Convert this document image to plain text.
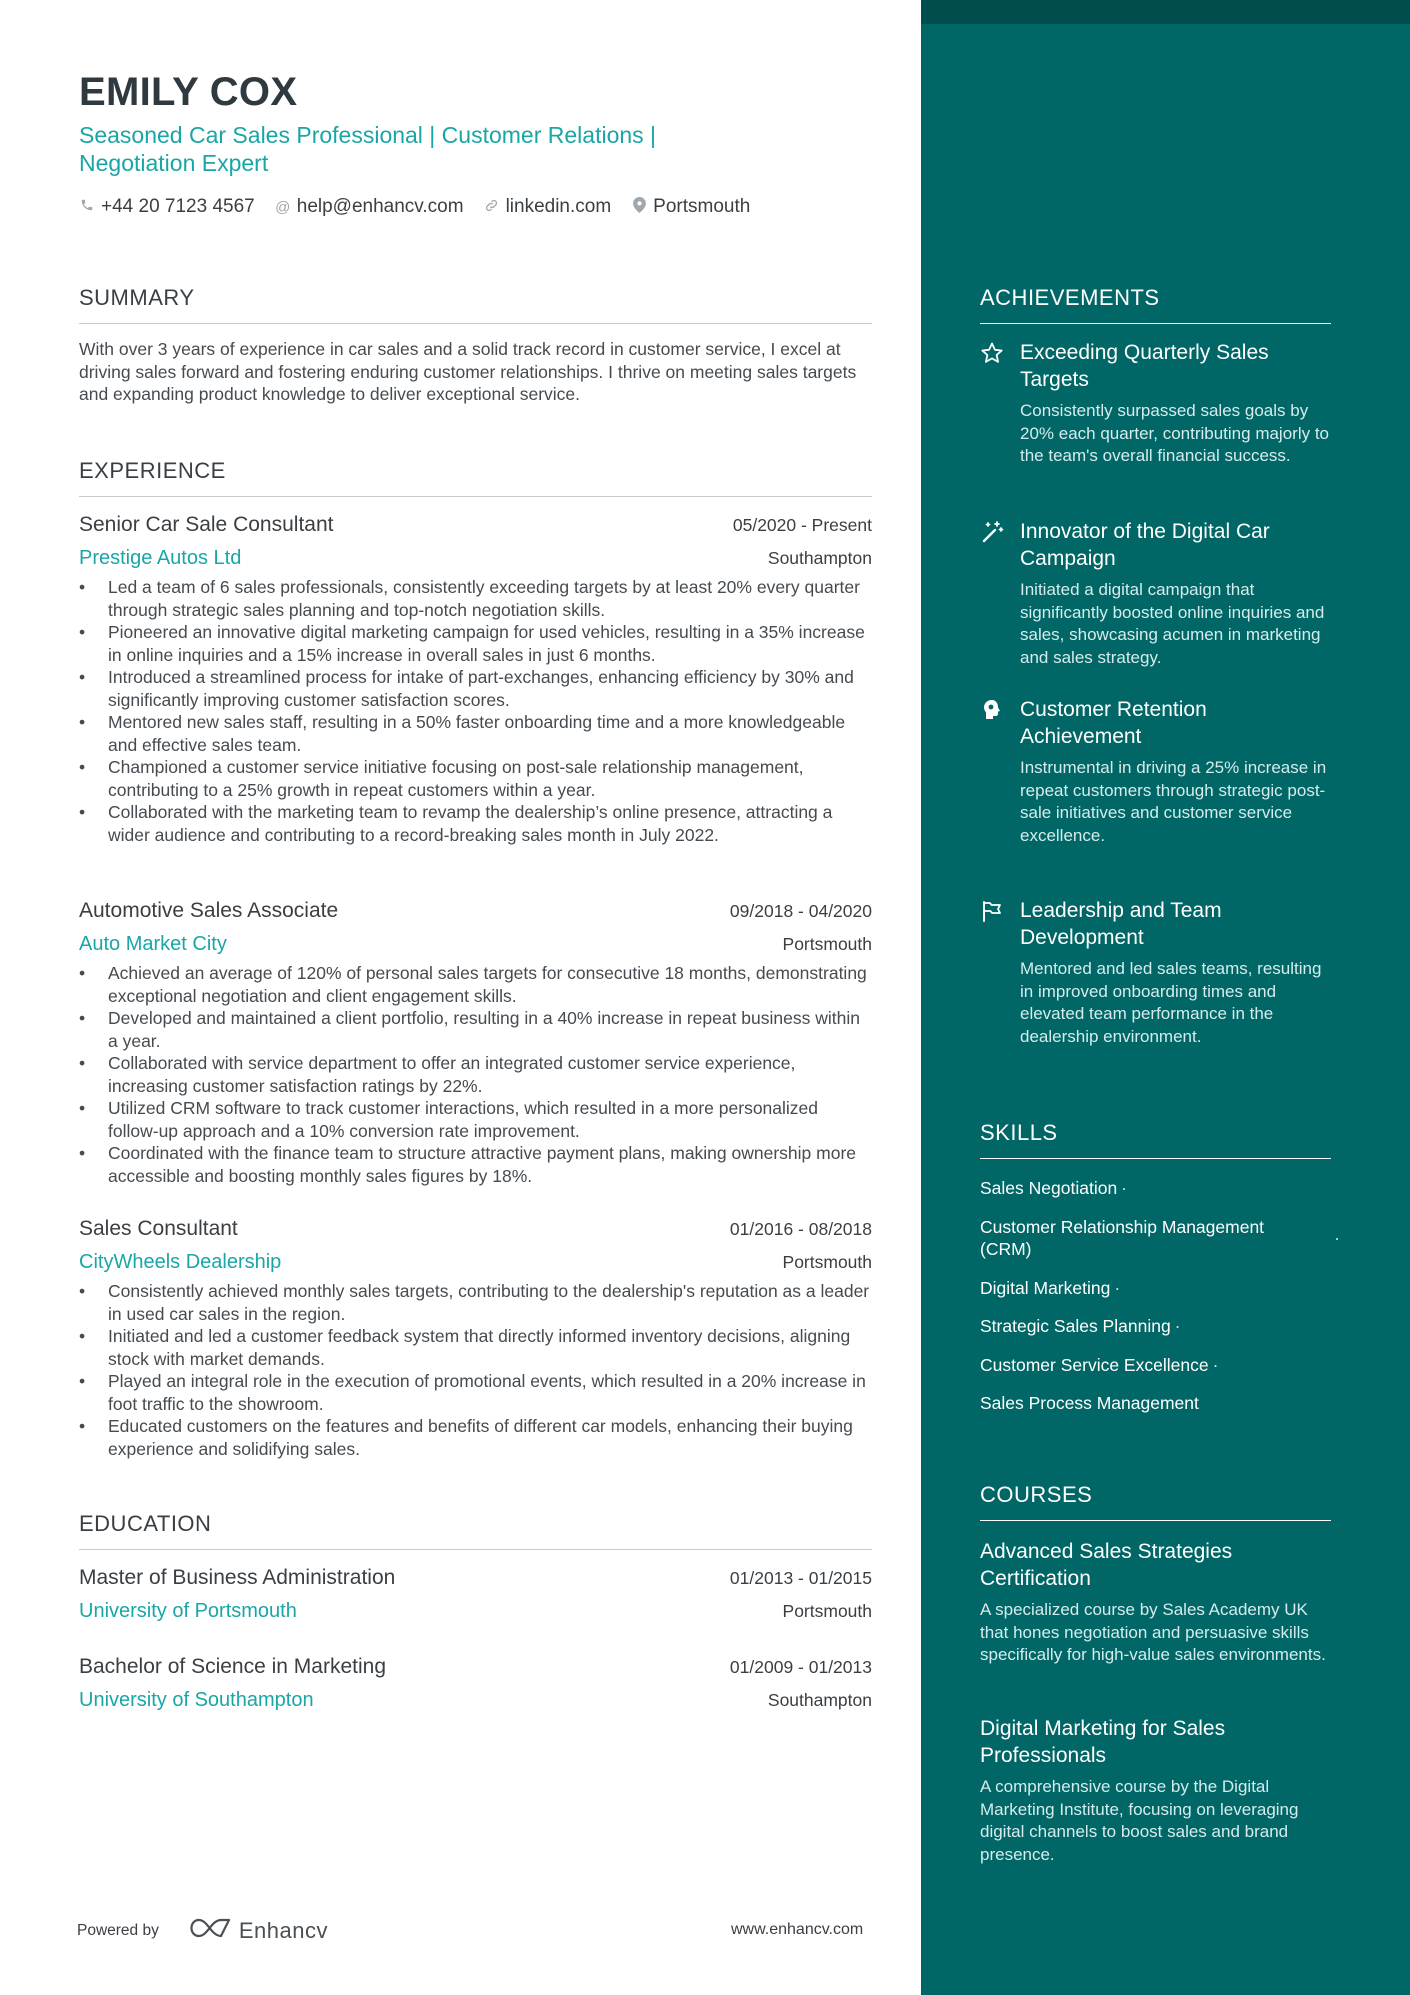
EMILY COX
Seasoned Car Sales Professional | Customer Relations |
Negotiation Expert
+44 20 7123 4567 @ help@enhancv.com linkedin.com Portsmouth
SUMMARY
With over 3 years of experience in car sales and a solid track record in customer service, I excel at driving sales forward and fostering enduring customer relationships. I thrive on meeting sales targets and expanding product knowledge to deliver exceptional service.
EXPERIENCE
Senior Car Sale Consultant	05/2020 - Present
Prestige Autos Ltd	Southampton
• Led a team of 6 sales professionals, consistently exceeding targets by at least 20% every quarter through strategic sales planning and top-notch negotiation skills.
• Pioneered an innovative digital marketing campaign for used vehicles, resulting in a 35% increase in online inquiries and a 15% increase in overall sales in just 6 months.
• Introduced a streamlined process for intake of part-exchanges, enhancing efficiency by 30% and significantly improving customer satisfaction scores.
• Mentored new sales staff, resulting in a 50% faster onboarding time and a more knowledgeable and effective sales team.
• Championed a customer service initiative focusing on post-sale relationship management, contributing to a 25% growth in repeat customers within a year.
• Collaborated with the marketing team to revamp the dealership’s online presence, attracting a wider audience and contributing to a record-breaking sales month in July 2022.
Automotive Sales Associate	09/2018 - 04/2020
Auto Market City	Portsmouth
• Achieved an average of 120% of personal sales targets for consecutive 18 months, demonstrating exceptional negotiation and client engagement skills.
• Developed and maintained a client portfolio, resulting in a 40% increase in repeat business within a year.
• Collaborated with service department to offer an integrated customer service experience, increasing customer satisfaction ratings by 22%.
• Utilized CRM software to track customer interactions, which resulted in a more personalized follow-up approach and a 10% conversion rate improvement.
• Coordinated with the finance team to structure attractive payment plans, making ownership more accessible and boosting monthly sales figures by 18%.
Sales Consultant	01/2016 - 08/2018
CityWheels Dealership	Portsmouth
• Consistently achieved monthly sales targets, contributing to the dealership's reputation as a leader in used car sales in the region.
• Initiated and led a customer feedback system that directly informed inventory decisions, aligning stock with market demands.
• Played an integral role in the execution of promotional events, which resulted in a 20% increase in foot traffic to the showroom.
• Educated customers on the features and benefits of different car models, enhancing their buying experience and solidifying sales.
EDUCATION
Master of Business Administration	01/2013 - 01/2015
University of Portsmouth	Portsmouth
Bachelor of Science in Marketing	01/2009 - 01/2013
University of Southampton	Southampton
Powered by	Enhancv	www.enhancv.com
ACHIEVEMENTS
Exceeding Quarterly Sales Targets
Consistently surpassed sales goals by 20% each quarter, contributing majorly to the team's overall financial success.
Innovator of the Digital Car Campaign
Initiated a digital campaign that significantly boosted online inquiries and sales, showcasing acumen in marketing and sales strategy.
Customer Retention Achievement
Instrumental in driving a 25% increase in repeat customers through strategic post-sale initiatives and customer service excellence.
Leadership and Team Development
Mentored and led sales teams, resulting in improved onboarding times and elevated team performance in the dealership environment.
SKILLS
Sales Negotiation ·
Customer Relationship Management (CRM)
·
Digital Marketing ·
Strategic Sales Planning ·
Customer Service Excellence ·
Sales Process Management
COURSES
Advanced Sales Strategies Certification
A specialized course by Sales Academy UK that hones negotiation and persuasive skills specifically for high-value sales environments.
Digital Marketing for Sales Professionals
A comprehensive course by the Digital Marketing Institute, focusing on leveraging digital channels to boost sales and brand presence.
